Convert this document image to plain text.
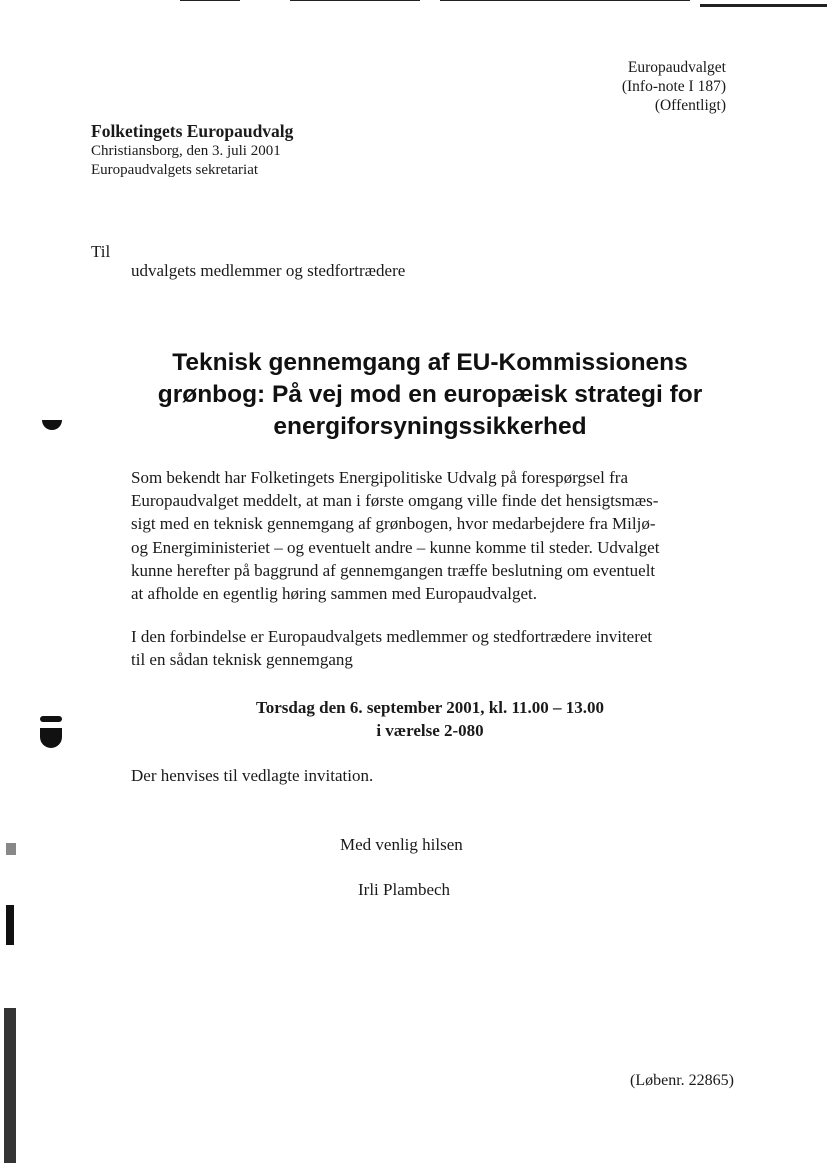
Europaudvalget
(Info-note I 187)
(Offentligt)
Folketingets Europaudvalg
Christiansborg, den 3. juli 2001
Europaudvalgets sekretariat
Til
udvalgets medlemmer og stedfortrædere
Teknisk gennemgang af EU-Kommissionens
grønbog: På vej mod en europæisk strategi for
energiforsyningssikkerhed
Som bekendt har Folketingets Energipolitiske Udvalg på forespørgsel fra
Europaudvalget meddelt, at man i første omgang ville finde det hensigtsmæs-
sigt med en teknisk gennemgang af grønbogen, hvor medarbejdere fra Miljø-
og Energiministeriet – og eventuelt andre – kunne komme til steder. Udvalget
kunne herefter på baggrund af gennemgangen træffe beslutning om eventuelt
at afholde en egentlig høring sammen med Europaudvalget.
I den forbindelse er Europaudvalgets medlemmer og stedfortrædere inviteret
til en sådan teknisk gennemgang
Torsdag den 6. september 2001, kl. 11.00 – 13.00
i værelse 2-080
Der henvises til vedlagte invitation.
Med venlig hilsen
Irli Plambech
(Løbenr. 22865)
